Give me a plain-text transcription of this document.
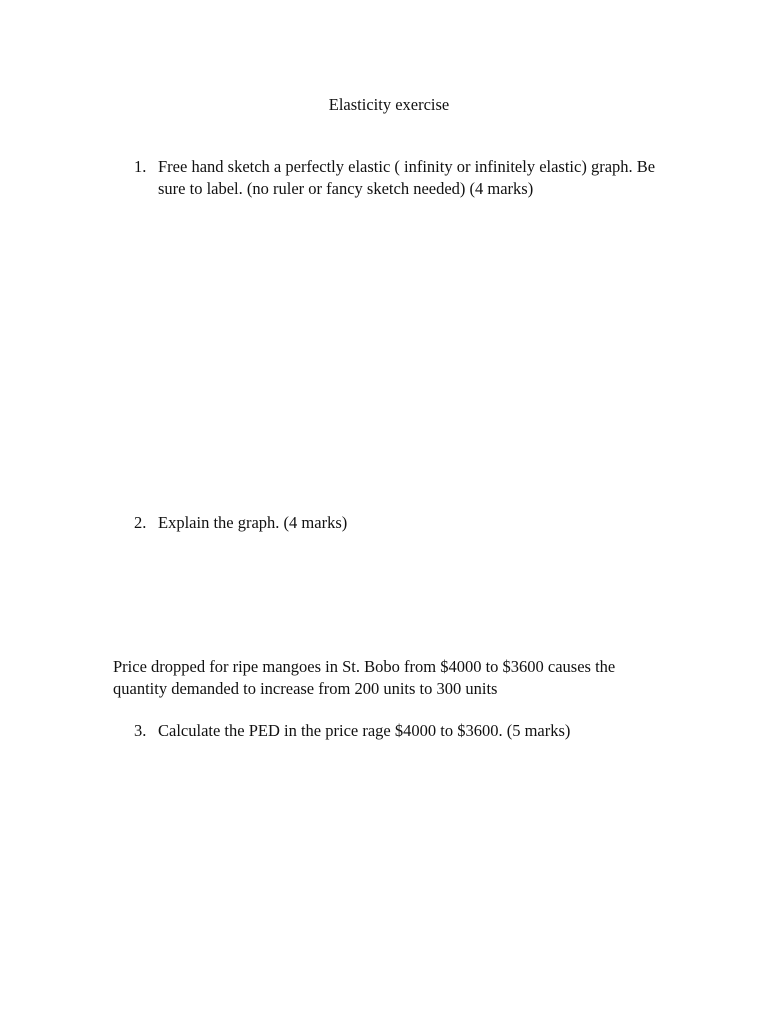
Elasticity exercise
1. Free hand sketch a perfectly elastic ( infinity or infinitely elastic) graph. Be sure to label. (no ruler or fancy sketch needed) (4 marks)
2. Explain the graph. (4 marks)
Price dropped for ripe mangoes in St. Bobo from $4000 to $3600 causes the quantity demanded to increase from 200 units to 300 units
3. Calculate the PED in the price rage $4000 to $3600. (5 marks)
